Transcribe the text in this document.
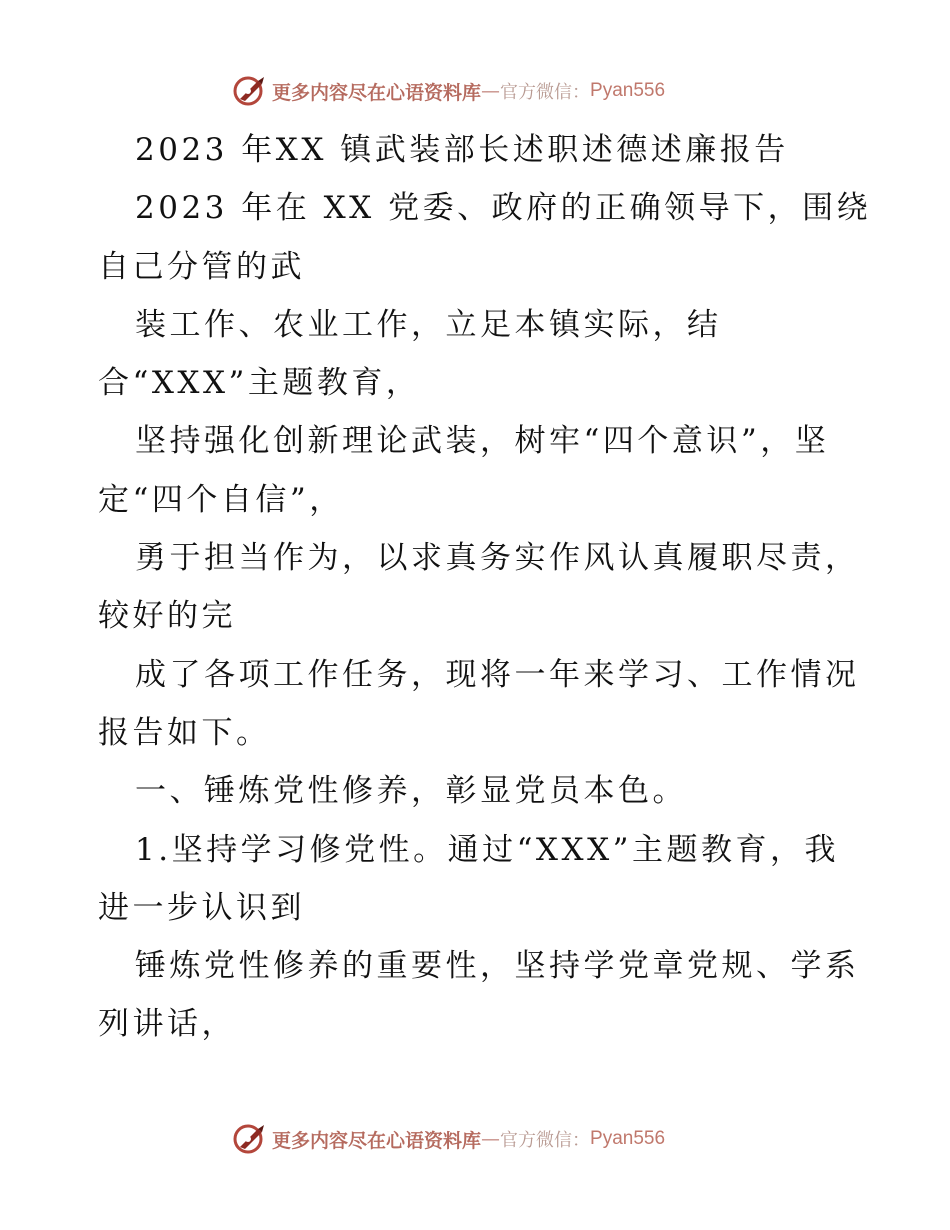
更多内容尽在心语资料库 — 官方微信： Pyan556
2023 年XX 镇武装部长述职述德述廉报告
2023 年在 XX 党委、政府的正确领导下，围绕
自己分管的武
装工作、农业工作，立足本镇实际，结
合“XXX”主题教育，
坚持强化创新理论武装，树牢“四个意识”，坚
定“四个自信”，
勇于担当作为，以求真务实作风认真履职尽责，
较好的完
成了各项工作任务，现将一年来学习、工作情况
报告如下。
一、锤炼党性修养，彰显党员本色。
1.坚持学习修党性。通过“XXX”主题教育，我
进一步认识到
锤炼党性修养的重要性，坚持学党章党规、学系
列讲话，
更多内容尽在心语资料库 — 官方微信： Pyan556
